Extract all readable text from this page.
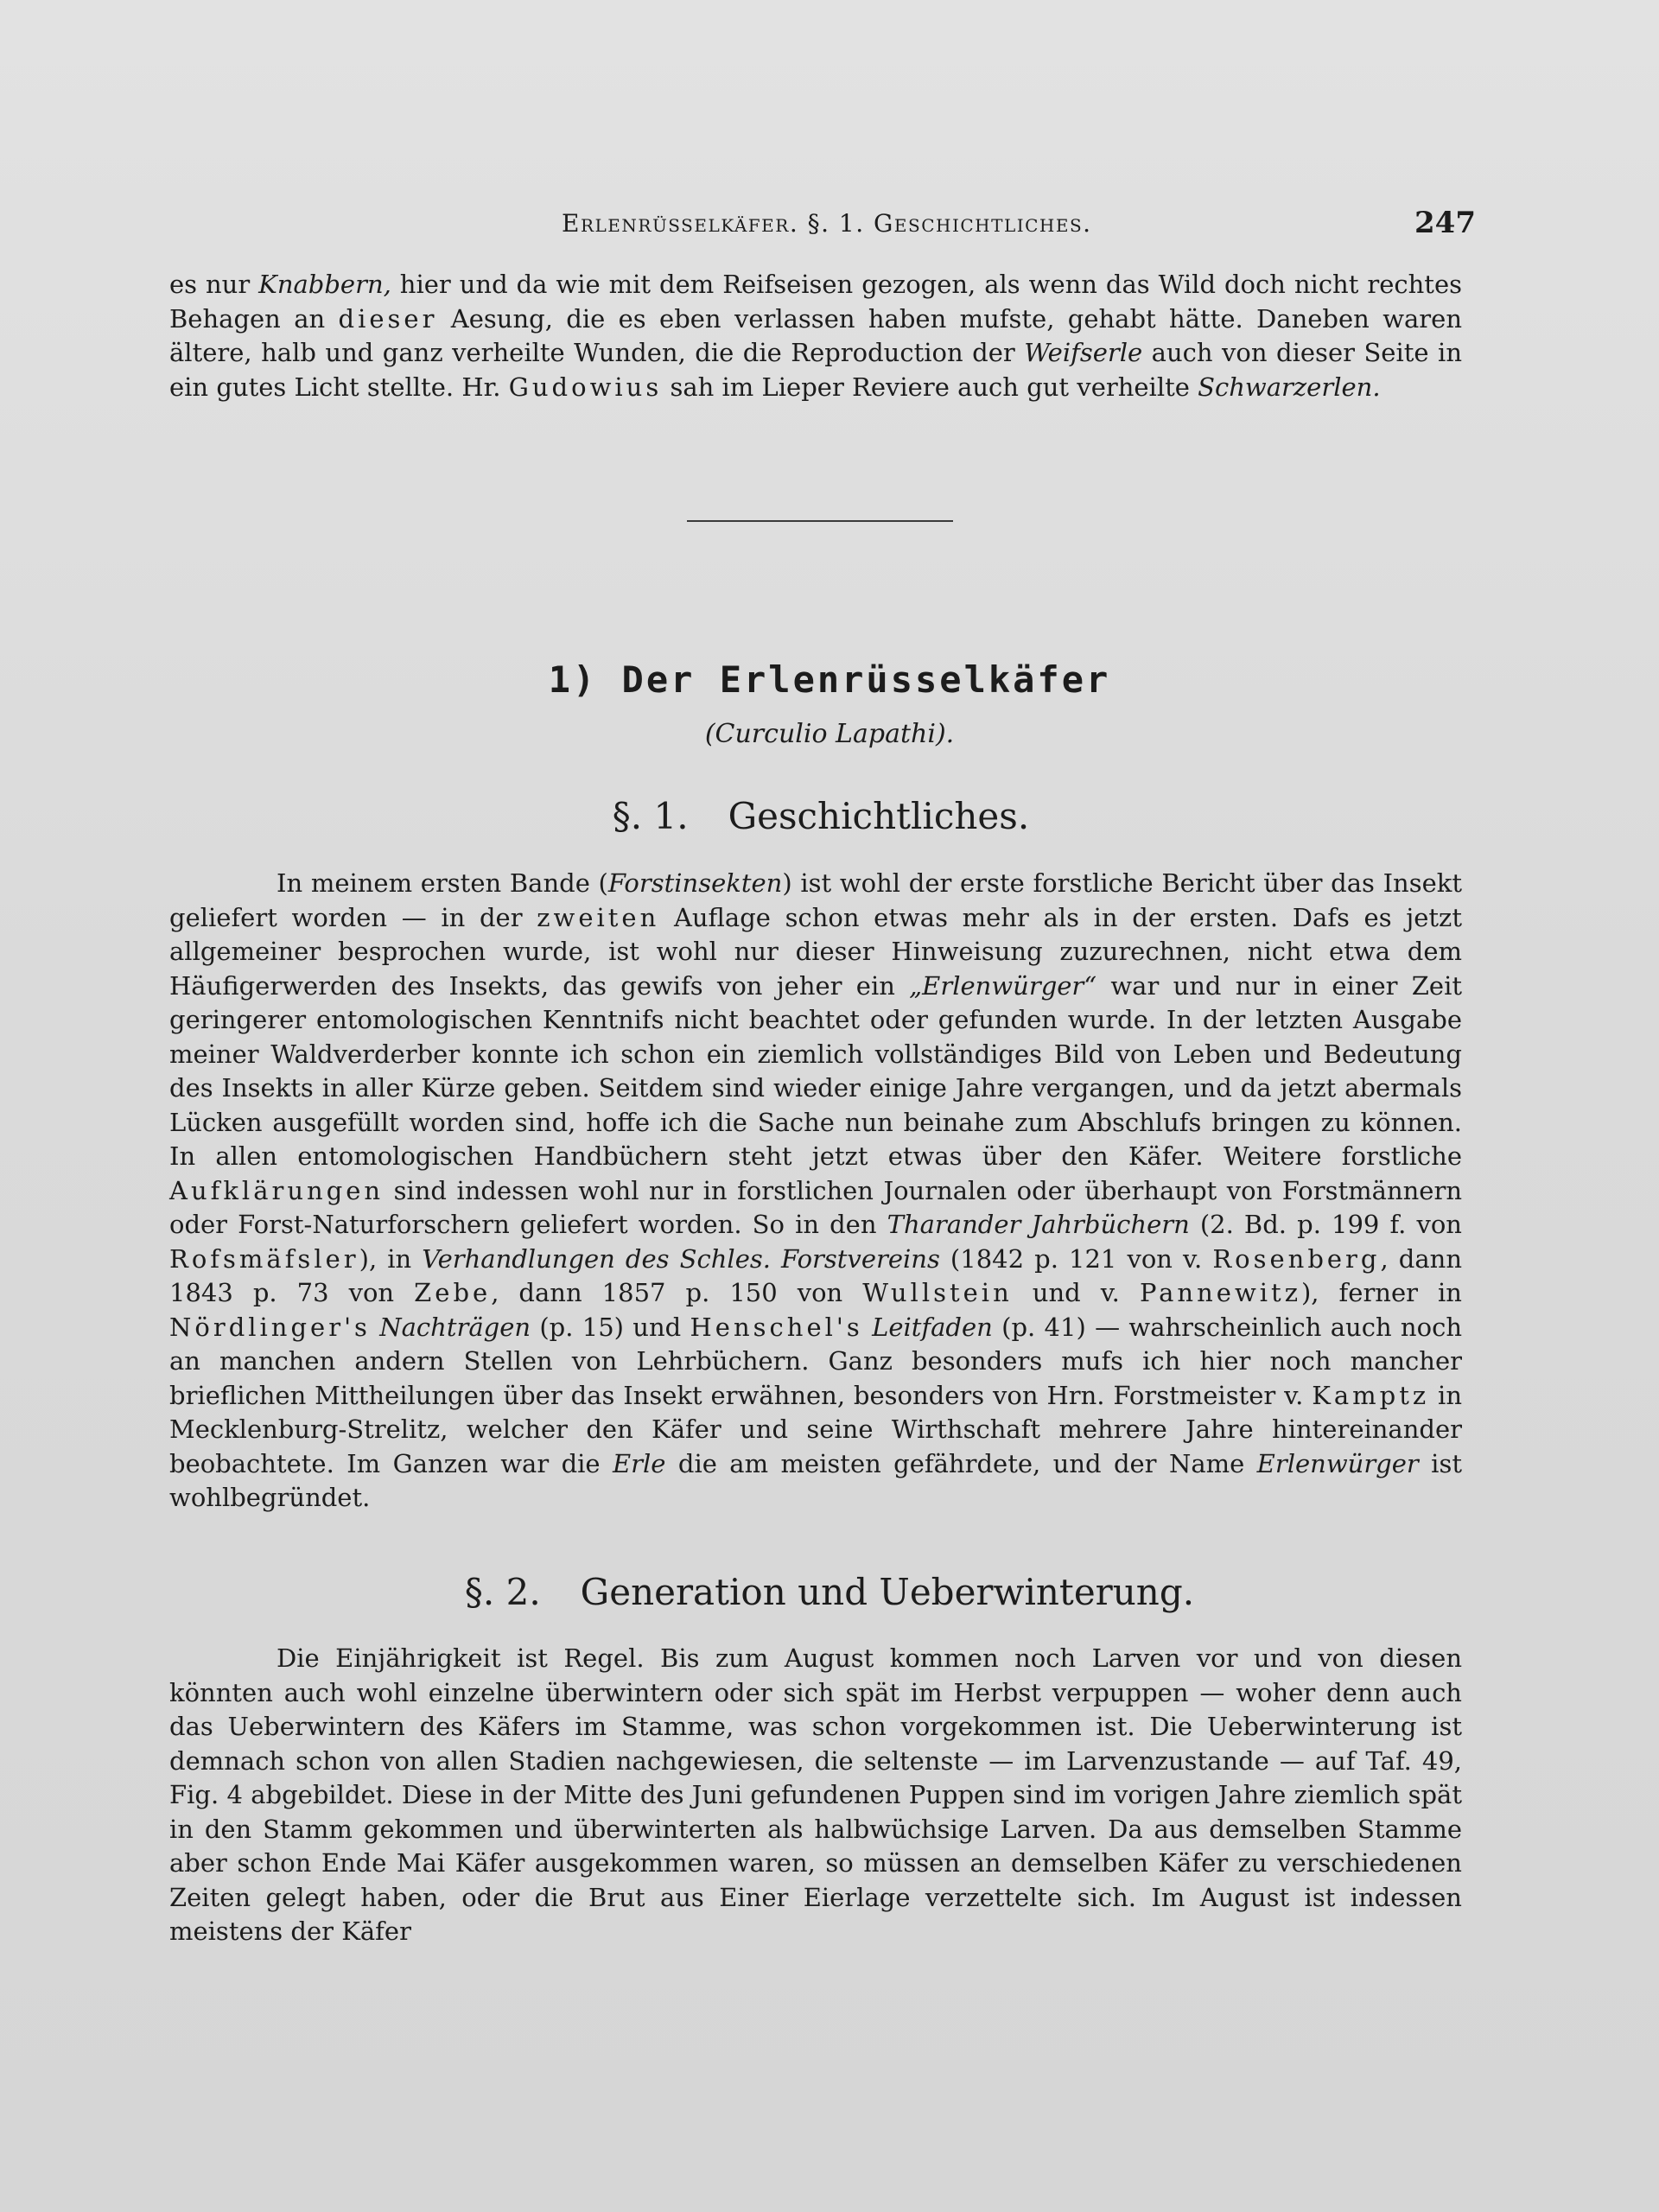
Erlenrüsselkäfer. §. 1. Geschichtliches.	247

es nur Knabbern, hier und da wie mit dem Reifseisen gezogen, als wenn das Wild doch nicht rechtes Behagen an dieser Aesung, die es eben verlassen haben mufste, gehabt hätte. Daneben waren ältere, halb und ganz verheilte Wunden, die die Reproduction der Weifserle auch von dieser Seite in ein gutes Licht stellte. Hr. Gudowius sah im Lieper Reviere auch gut verheilte Schwarzerlen.

1) Der Erlenrüsselkäfer
(Curculio Lapathi).
§. 1. Geschichtliches.

In meinem ersten Bande (Forstinsekten) ist wohl der erste forstliche Bericht über das Insekt geliefert worden — in der zweiten Auflage schon etwas mehr als in der ersten. Dafs es jetzt allgemeiner besprochen wurde, ist wohl nur dieser Hinweisung zuzurechnen, nicht etwa dem Häufigerwerden des Insekts, das gewifs von jeher ein „Erlenwürger“ war und nur in einer Zeit geringerer entomologischen Kenntnifs nicht beachtet oder gefunden wurde. In der letzten Ausgabe meiner Waldverderber konnte ich schon ein ziemlich vollständiges Bild von Leben und Bedeutung des Insekts in aller Kürze geben. Seitdem sind wieder einige Jahre vergangen, und da jetzt abermals Lücken ausgefüllt worden sind, hoffe ich die Sache nun beinahe zum Abschlufs bringen zu können. In allen entomologischen Handbüchern steht jetzt etwas über den Käfer. Weitere forstliche Aufklärungen sind indessen wohl nur in forstlichen Journalen oder überhaupt von Forstmännern oder Forst-Naturforschern geliefert worden. So in den Tharander Jahrbüchern (2. Bd. p. 199 f. von Rofsmäfsler), in Verhandlungen des Schles. Forstvereins (1842 p. 121 von v. Rosenberg, dann 1843 p. 73 von Zebe, dann 1857 p. 150 von Wullstein und v. Pannewitz), ferner in Nördlinger's Nachträgen (p. 15) und Henschel's Leitfaden (p. 41) — wahrscheinlich auch noch an manchen andern Stellen von Lehrbüchern. Ganz besonders mufs ich hier noch mancher brieflichen Mittheilungen über das Insekt erwähnen, besonders von Hrn. Forstmeister v. Kamptz in Mecklenburg-Strelitz, welcher den Käfer und seine Wirthschaft mehrere Jahre hintereinander beobachtete. Im Ganzen war die Erle die am meisten gefährdete, und der Name Erlenwürger ist wohlbegründet.

§. 2. Generation und Ueberwinterung.

Die Einjährigkeit ist Regel. Bis zum August kommen noch Larven vor und von diesen könnten auch wohl einzelne überwintern oder sich spät im Herbst verpuppen — woher denn auch das Ueberwintern des Käfers im Stamme, was schon vorgekommen ist. Die Ueberwinterung ist demnach schon von allen Stadien nachgewiesen, die seltenste — im Larvenzustande — auf Taf. 49, Fig. 4 abgebildet. Diese in der Mitte des Juni gefundenen Puppen sind im vorigen Jahre ziemlich spät in den Stamm gekommen und überwinterten als halbwüchsige Larven. Da aus demselben Stamme aber schon Ende Mai Käfer ausgekommen waren, so müssen an demselben Käfer zu verschiedenen Zeiten gelegt haben, oder die Brut aus Einer Eierlage verzettelte sich. Im August ist indessen meistens der Käfer
